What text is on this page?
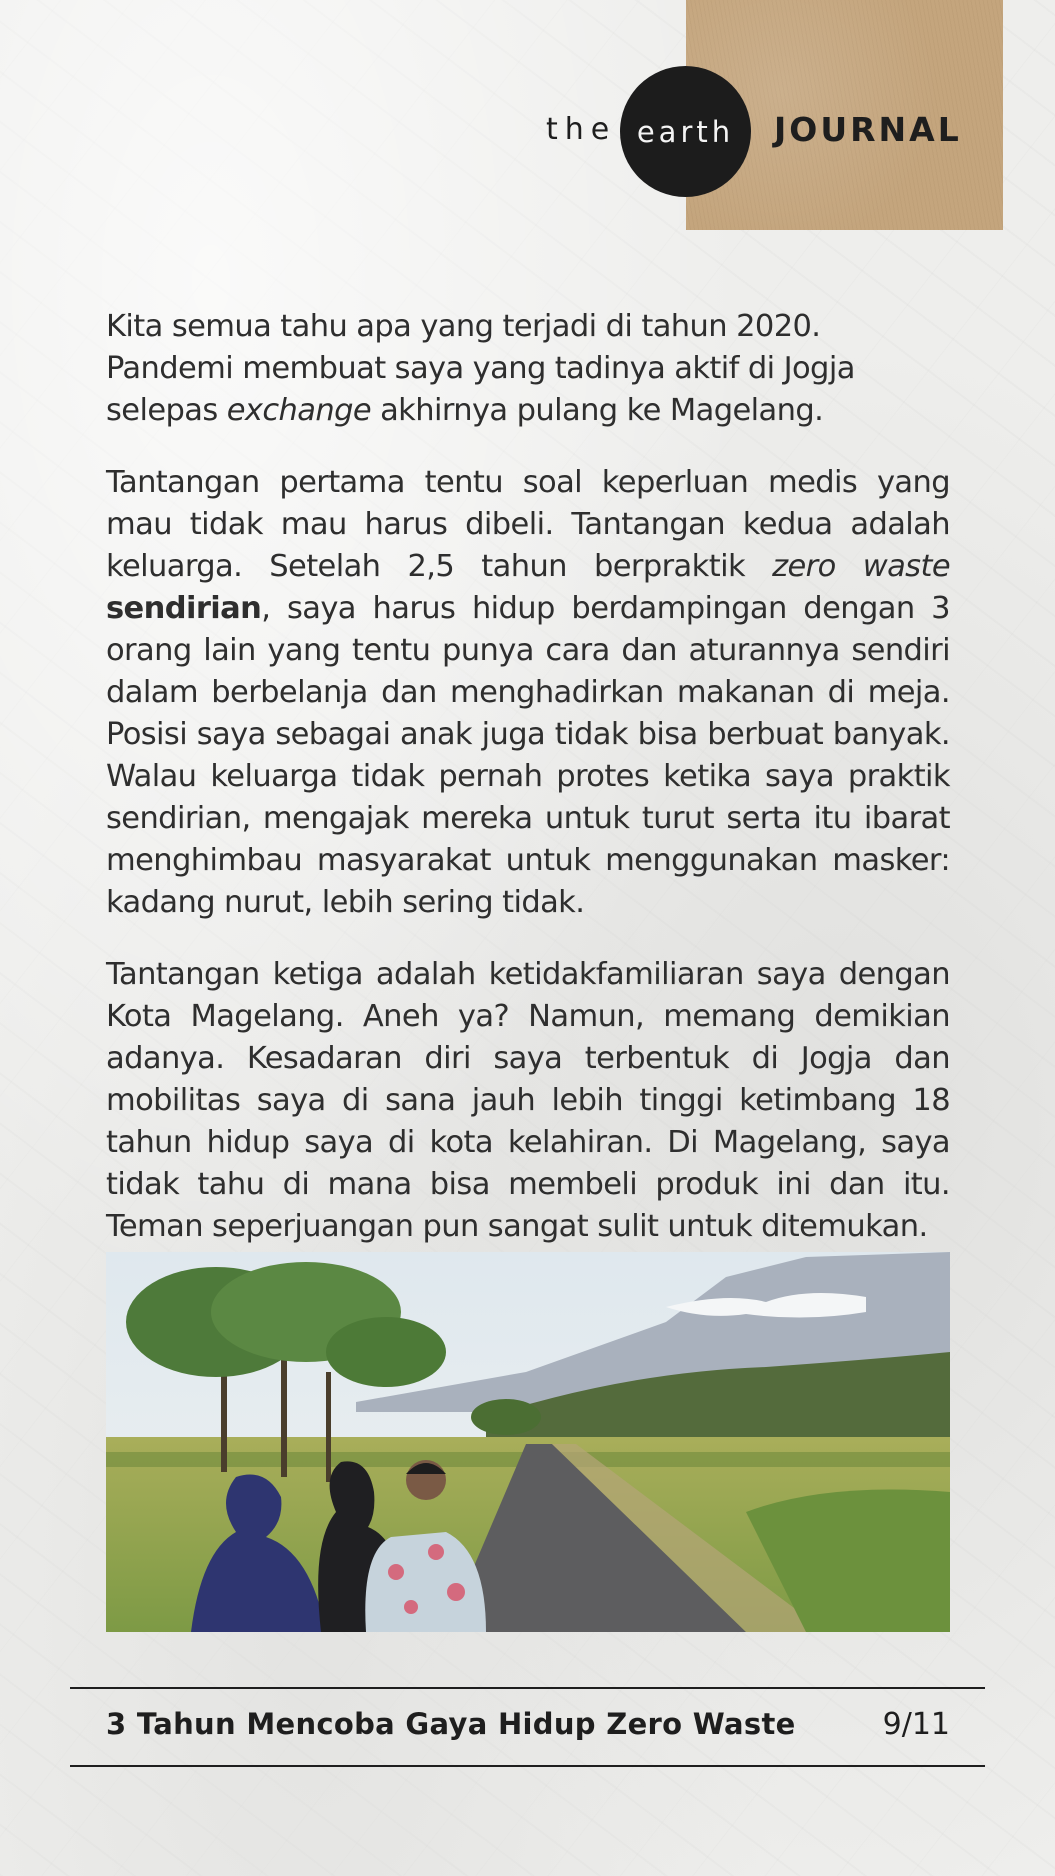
the earth JOURNAL

Kita semua tahu apa yang terjadi di tahun 2020. Pandemi membuat saya yang tadinya aktif di Jogja selepas exchange akhirnya pulang ke Magelang.

Tantangan pertama tentu soal keperluan medis yang mau tidak mau harus dibeli. Tantangan kedua adalah keluarga. Setelah 2,5 tahun berpraktik zero waste sendirian, saya harus hidup berdampingan dengan 3 orang lain yang tentu punya cara dan aturannya sendiri dalam berbelanja dan menghadirkan makanan di meja. Posisi saya sebagai anak juga tidak bisa berbuat banyak. Walau keluarga tidak pernah protes ketika saya praktik sendirian, mengajak mereka untuk turut serta itu ibarat menghimbau masyarakat untuk menggunakan masker: kadang nurut, lebih sering tidak.

Tantangan ketiga adalah ketidakfamiliaran saya dengan Kota Magelang. Aneh ya? Namun, memang demikian adanya. Kesadaran diri saya terbentuk di Jogja dan mobilitas saya di sana jauh lebih tinggi ketimbang 18 tahun hidup saya di kota kelahiran. Di Magelang, saya tidak tahu di mana bisa membeli produk ini dan itu. Teman seperjuangan pun sangat sulit untuk ditemukan.

3 Tahun Mencoba Gaya Hidup Zero Waste	9/11
